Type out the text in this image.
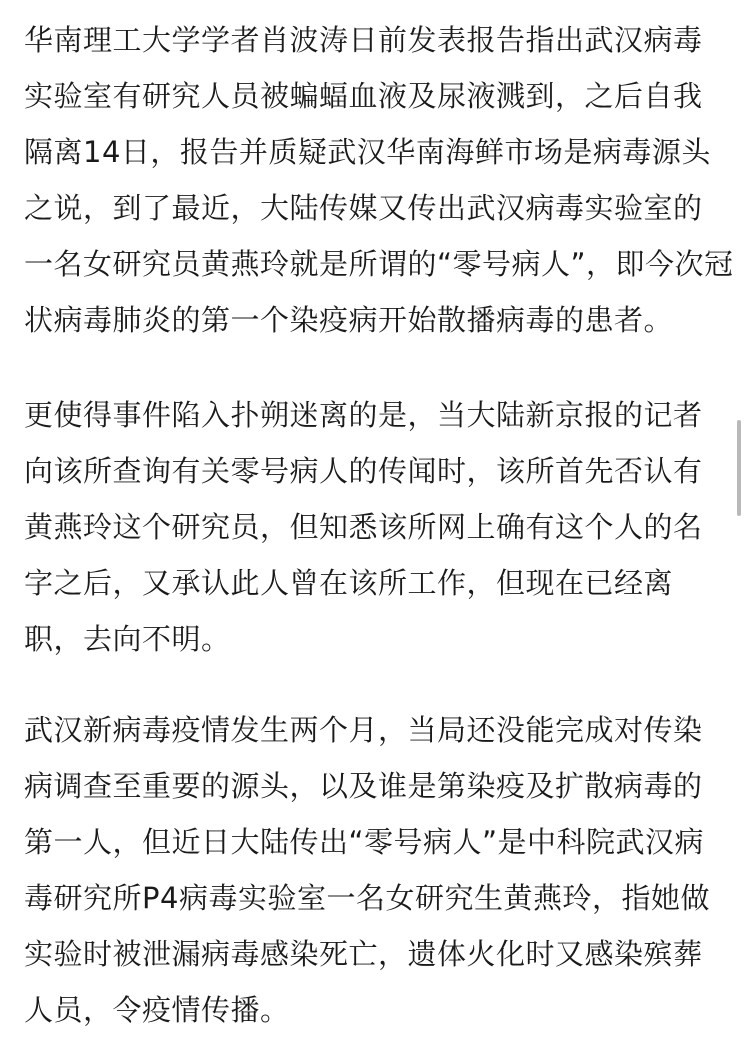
华南理工大学学者肖波涛日前发表报告指出武汉病毒
实验室有研究人员被蝙蝠血液及尿液溅到，之后自我
隔离14日，报告并质疑武汉华南海鲜市场是病毒源头
之说，到了最近，大陆传媒又传出武汉病毒实验室的
一名女研究员黄燕玲就是所谓的“零号病人”，即今次冠
状病毒肺炎的第一个染疫病开始散播病毒的患者。

更使得事件陷入扑朔迷离的是，当大陆新京报的记者
向该所查询有关零号病人的传闻时，该所首先否认有
黄燕玲这个研究员，但知悉该所网上确有这个人的名
字之后，又承认此人曾在该所工作，但现在已经离
职，去向不明。

武汉新病毒疫情发生两个月，当局还没能完成对传染
病调查至重要的源头，以及谁是第染疫及扩散病毒的
第一人，但近日大陆传出“零号病人”是中科院武汉病
毒研究所P4病毒实验室一名女研究生黄燕玲，指她做
实验时被泄漏病毒感染死亡，遗体火化时又感染殡葬
人员，令疫情传播。
